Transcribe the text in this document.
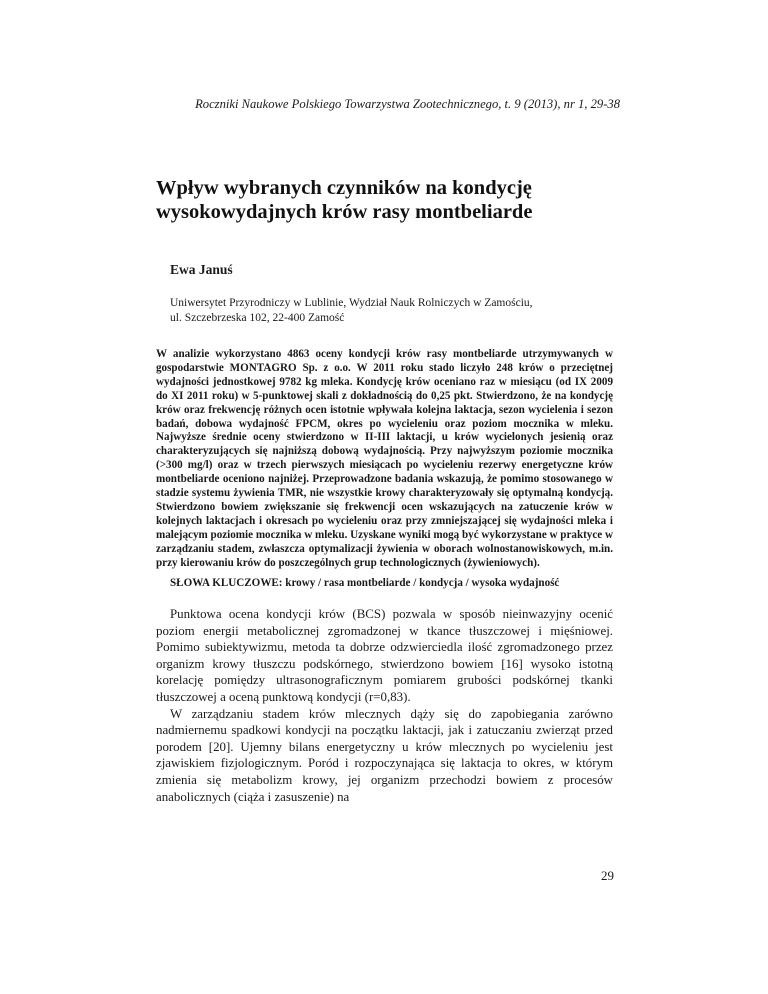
Roczniki Naukowe Polskiego Towarzystwa Zootechnicznego, t. 9 (2013), nr 1, 29-38
Wpływ wybranych czynników na kondycję
wysokowydajnych krów rasy montbeliarde
Ewa Januś
Uniwersytet Przyrodniczy w Lublinie, Wydział Nauk Rolniczych w Zamościu,
ul. Szczebrzeska 102, 22-400 Zamość

W analizie wykorzystano 4863 oceny kondycji krów rasy montbeliarde utrzymywanych w gospodarstwie MONTAGRO Sp. z o.o. W 2011 roku stado liczyło 248 krów o przeciętnej wydajności jednostkowej 9782 kg mleka. Kondycję krów oceniano raz w miesiącu (od IX 2009 do XI 2011 roku) w 5-punktowej skali z dokładnością do 0,25 pkt. Stwierdzono, że na kondycję krów oraz frekwencję różnych ocen istotnie wpływała kolejna laktacja, sezon wycielenia i sezon badań, dobowa wydajność FPCM, okres po wycieleniu oraz poziom mocznika w mleku. Najwyższe średnie oceny stwierdzono w II-III laktacji, u krów wycielonych jesienią oraz charakteryzujących się najniższą dobową wydajnością. Przy najwyższym poziomie mocznika (>300 mg/l) oraz w trzech pierwszych miesiącach po wycieleniu rezerwy energetyczne krów montbeliarde oceniono najniżej. Przeprowadzone badania wskazują, że pomimo stosowanego w stadzie systemu żywienia TMR, nie wszystkie krowy charakteryzowały się optymalną kondycją. Stwierdzono bowiem zwiększanie się frekwencji ocen wskazujących na zatuczenie krów w kolejnych laktacjach i okresach po wycieleniu oraz przy zmniejszającej się wydajności mleka i malejącym poziomie mocznika w mleku. Uzyskane wyniki mogą być wykorzystane w praktyce w zarządzaniu stadem, zwłaszcza optymalizacji żywienia w oborach wolnostanowiskowych, m.in. przy kierowaniu krów do poszczególnych grup technologicznych (żywieniowych).

SŁOWA KLUCZOWE: krowy / rasa montbeliarde / kondycja / wysoka wydajność

Punktowa ocena kondycji krów (BCS) pozwala w sposób nieinwazyjny ocenić poziom energii metabolicznej zgromadzonej w tkance tłuszczowej i mięśniowej. Pomimo subiektywizmu, metoda ta dobrze odzwierciedla ilość zgromadzonego przez organizm krowy tłuszczu podskórnego, stwierdzono bowiem [16] wysoko istotną korelację pomiędzy ultrasonograficznym pomiarem grubości podskórnej tkanki tłuszczowej a oceną punktową kondycji (r=0,83).

W zarządzaniu stadem krów mlecznych dąży się do zapobiegania zarówno nadmiernemu spadkowi kondycji na początku laktacji, jak i zatuczaniu zwierząt przed porodem [20]. Ujemny bilans energetyczny u krów mlecznych po wycieleniu jest zjawiskiem fizjologicznym. Poród i rozpoczynająca się laktacja to okres, w którym zmienia się metabolizm krowy, jej organizm przechodzi bowiem z procesów anabolicznych (ciąża i zasuszenie) na

29
